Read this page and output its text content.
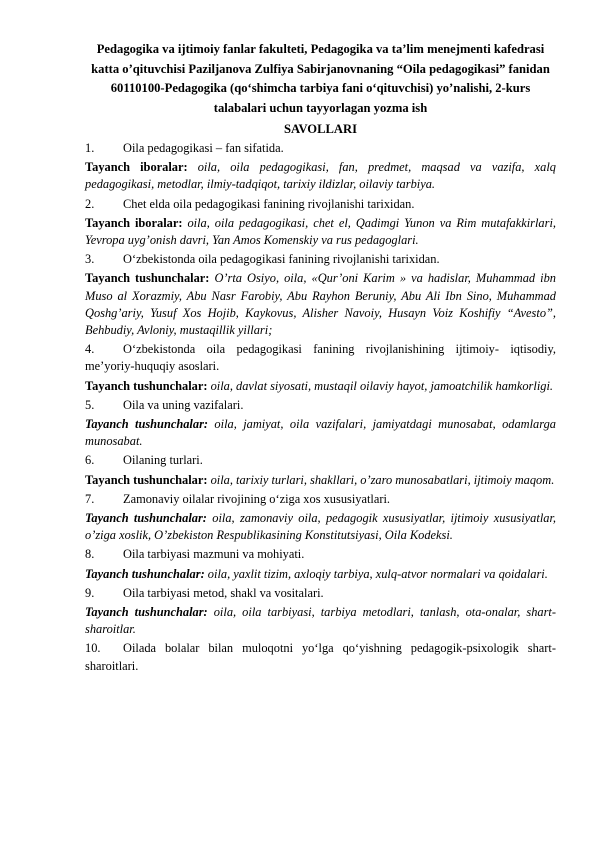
Pedagogika va ijtimoiy fanlar fakulteti, Pedagogika va ta’lim menejmenti kafedrasi katta o’qituvchisi Paziljanova Zulfiya Sabirjanovnaning “Oila pedagogikasi” fanidan 60110100-Pedagogika (qo‘shimcha tarbiya fani o‘qituvchisi) yo’nalishi, 2-kurs talabalari uchun tayyorlagan yozma ish
SAVOLLARI
1.	Oila pedagogikasi – fan sifatida.
Tayanch iboralar: oila, oila pedagogikasi, fan, predmet, maqsad va vazifa, xalq pedagogikasi, metodlar, ilmiy-tadqiqot, tarixiy ildizlar, oilaviy tarbiya.
2.	Chet elda oila pedagogikasi fanining rivojlanishi tarixidan.
Tayanch iboralar: oila, oila pedagogikasi, chet el, Qadimgi Yunon va Rim mutafakkirlari, Yevropa uyg’onish davri, Yan Amos Komenskiy va rus pedagoglari.
3.	O‘zbekistonda oila pedagogikasi fanining rivojlanishi tarixidan.
Tayanch tushunchalar: O’rta Osiyo, oila, «Qur’oni Karim » va hadislar, Muhammad ibn Muso al Xorazmiy, Abu Nasr Farobiy, Abu Rayhon Beruniy, Abu Ali Ibn Sino, Muhammad Qoshg’ariy, Yusuf Xos Hojib, Kaykovus, Alisher Navoiy, Husayn Voiz Koshifiy “Avesto”, Behbudiy, Avloniy, mustaqillik yillari;
4. O‘zbekistonda oila pedagogikasi fanining rivojlanishining ijtimoiy- iqtisodiy, me’yoriy-huquqiy asoslari.
Tayanch tushunchalar: oila, davlat siyosati, mustaqil oilaviy hayot, jamoatchilik hamkorligi.
5.	Oila va uning vazifalari.
Tayanch tushunchalar: oila, jamiyat, oila vazifalari, jamiyatdagi munosabat, odamlarga munosabat.
6.	Oilaning turlari.
Tayanch tushunchalar: oila, tarixiy turlari, shakllari, o’zaro munosabatlari, ijtimoiy maqom.
7.	Zamonaviy oilalar rivojining o‘ziga xos xususiyatlari.
Tayanch tushunchalar: oila, zamonaviy oila, pedagogik xususiyatlar, ijtimoiy xususiyatlar, o’ziga xoslik, O’zbekiston Respublikasining Konstitutsiyasi, Oila Kodeksi.
8.	Oila tarbiyasi mazmuni va mohiyati.
Tayanch tushunchalar: oila, yaxlit tizim, axloqiy tarbiya, xulq-atvor normalari va qoidalari.
9.	Oila tarbiyasi metod, shakl va vositalari.
Tayanch tushunchalar: oila, oila tarbiyasi, tarbiya metodlari, tanlash, ota-onalar, shart-sharoitlar.
10. Oilada bolalar bilan muloqotni yo‘lga qo‘yishning pedagogik-psixologik shart-sharoitlari.
